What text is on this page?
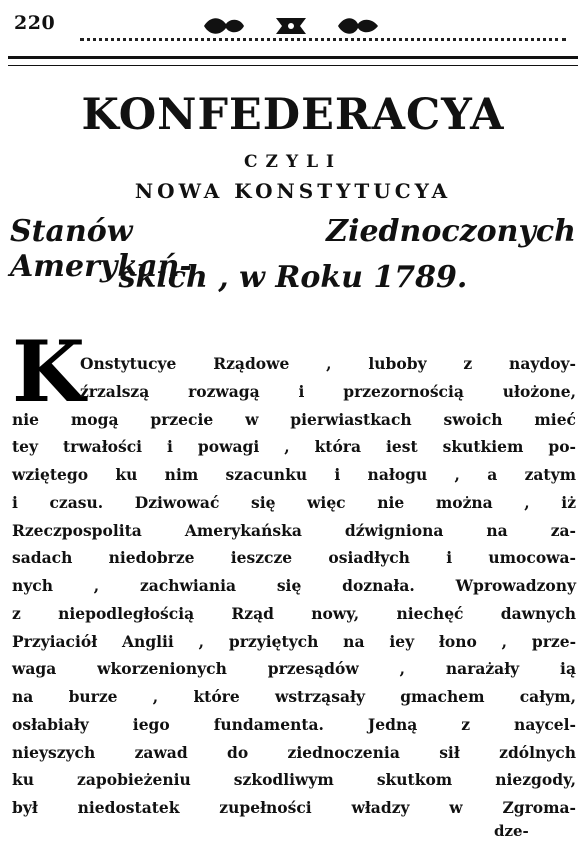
220
KONFEDERACYA
CZYLI
NOWA KONSTYTUCYA
Stanów Ziednoczonych Amerykań-
skich , w Roku 1789.
K
Onstytucye Rządowe , luboby z naydoy-
źrzalszą rozwagą i przezornością ułożone,
nie mogą przecie w pierwiastkach swoich mieć
tey trwałości i powagi , która iest skutkiem po-
wziętego ku nim szacunku i nałogu , a zatym
i czasu. Dziwować się więc nie można , iż
Rzeczpospolita Amerykańska dźwigniona na za-
sadach niedobrze ieszcze osiadłych i umocowa-
nych , zachwiania się doznała. Wprowadzony
z niepodległością Rząd nowy, niechęć dawnych
Przyiaciół Anglii , przyiętych na iey łono , prze-
waga wkorzenionych przesądów , narażały ią
na burze , które wstrząsały gmachem całym,
osłabiały iego fundamenta. Jedną z naycel-
nieyszych zawad do ziednoczenia sił zdólnych
ku zapobieżeniu szkodliwym skutkom niezgody,
był niedostatek zupełności władzy w Zgroma-
dze-
